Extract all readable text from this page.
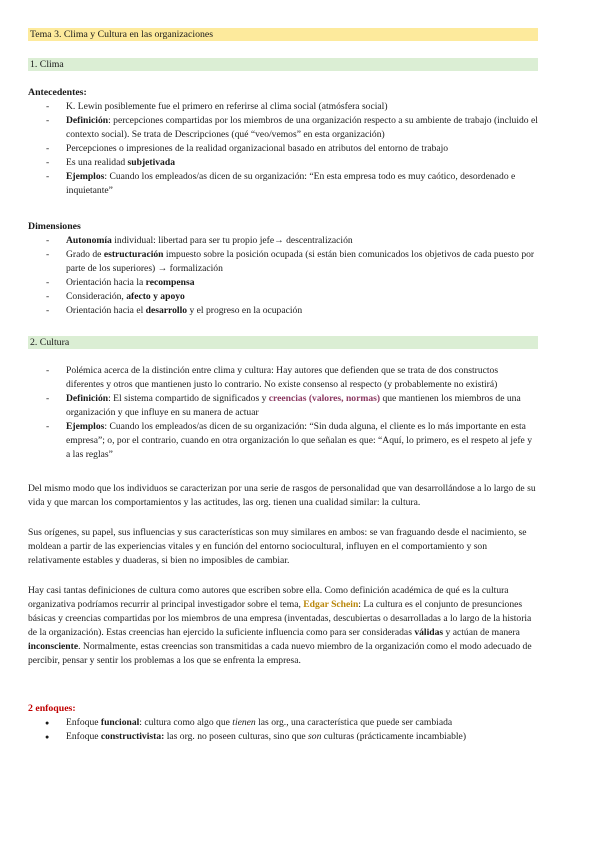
Tema 3. Clima y Cultura en las organizaciones
1. Clima
Antecedentes:
- K. Lewin posiblemente fue el primero en referirse al clima social (atmósfera social)
- Definición: percepciones compartidas por los miembros de una organización respecto a su ambiente de trabajo (incluido el contexto social). Se trata de Descripciones (qué “veo/vemos” en esta organización)
- Percepciones o impresiones de la realidad organizacional basado en atributos del entorno de trabajo
- Es una realidad subjetivada
- Ejemplos: Cuando los empleados/as dicen de su organización: “En esta empresa todo es muy caótico, desordenado e inquietante”
Dimensiones
- Autonomía individual: libertad para ser tu propio jefe→ descentralización
- Grado de estructuración impuesto sobre la posición ocupada (si están bien comunicados los objetivos de cada puesto por parte de los superiores) → formalización
- Orientación hacia la recompensa
- Consideración, afecto y apoyo
- Orientación hacia el desarrollo y el progreso en la ocupación
2. Cultura
- Polémica acerca de la distinción entre clima y cultura: Hay autores que defienden que se trata de dos constructos diferentes y otros que mantienen justo lo contrario. No existe consenso al respecto (y probablemente no existirá)
- Definición: El sistema compartido de significados y creencias (valores, normas) que mantienen los miembros de una organización y que influye en su manera de actuar
- Ejemplos: Cuando los empleados/as dicen de su organización: “Sin duda alguna, el cliente es lo más importante en esta empresa”; o, por el contrario, cuando en otra organización lo que señalan es que: “Aquí, lo primero, es el respeto al jefe y a las reglas”

Del mismo modo que los individuos se caracterizan por una serie de rasgos de personalidad que van desarrollándose a lo largo de su vida y que marcan los comportamientos y las actitudes, las org. tienen una cualidad similar: la cultura.

Sus orígenes, su papel, sus influencias y sus características son muy similares en ambos: se van fraguando desde el nacimiento, se moldean a partir de las experiencias vitales y en función del entorno sociocultural, influyen en el comportamiento y son relativamente estables y duaderas, si bien no imposibles de cambiar.

Hay casi tantas definiciones de cultura como autores que escriben sobre ella. Como definición académica de qué es la cultura organizativa podríamos recurrir al principal investigador sobre el tema, Edgar Schein: La cultura es el conjunto de presunciones básicas y creencias compartidas por los miembros de una empresa (inventadas, descubiertas o desarrolladas a lo largo de la historia de la organización). Estas creencias han ejercido la suficiente influencia como para ser consideradas válidas y actúan de manera inconsciente. Normalmente, estas creencias son transmitidas a cada nuevo miembro de la organización como el modo adecuado de percibir, pensar y sentir los problemas a los que se enfrenta la empresa.

2 enfoques:
● Enfoque funcional: cultura como algo que tienen las org., una característica que puede ser cambiada
● Enfoque constructivista: las org. no poseen culturas, sino que son culturas (prácticamente incambiable)
